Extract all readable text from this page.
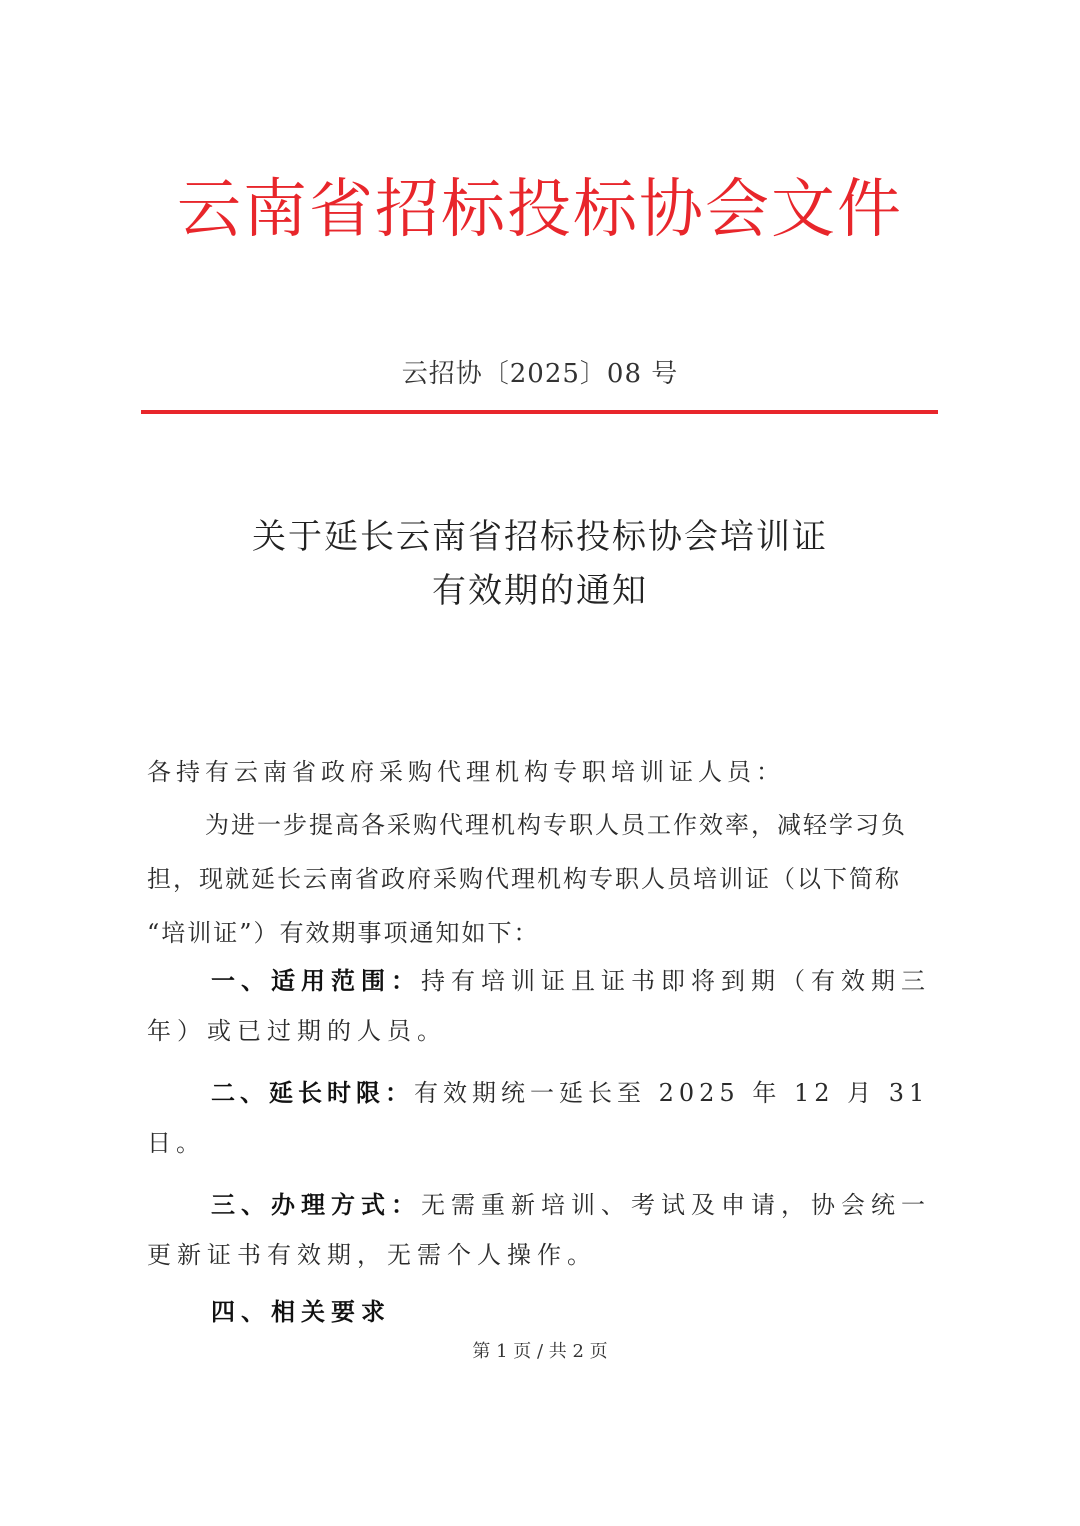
云南省招标投标协会文件
云招协〔2025〕08 号
关于延长云南省招标投标协会培训证
有效期的通知
各持有云南省政府采购代理机构专职培训证人员：
为进一步提高各采购代理机构专职人员工作效率，减轻学习负担，现就延长云南省政府采购代理机构专职人员培训证（以下简称 “培训证”）有效期事项通知如下：
一、适用范围：持有培训证且证书即将到期（有效期三年）或已过期的人员。
二、延长时限：有效期统一延长至 2025 年 12 月 31 日。
三、办理方式：无需重新培训、考试及申请，协会统一更新证书有效期，无需个人操作。
四、相关要求
第 1 页 / 共 2 页
